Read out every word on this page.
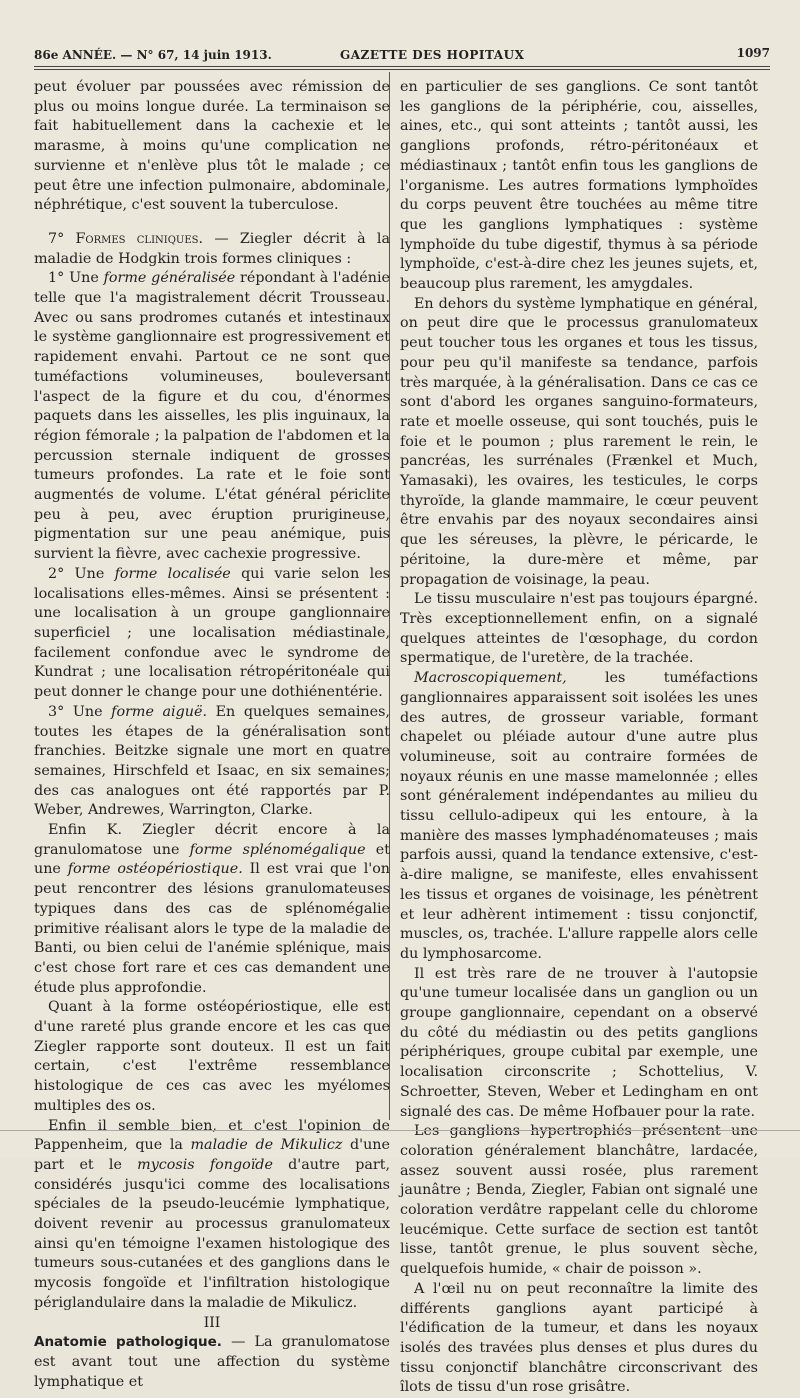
86e ANNÉE. — N° 67, 14 juin 1913.	GAZETTE DES HOPITAUX	1097

peut évoluer par poussées avec rémission de plus ou moins longue durée. La terminaison se fait habituellement dans la cachexie et le marasme, à moins qu'une complication ne survienne et n'enlève plus tôt le malade ; ce peut être une infection pulmonaire, abdominale, néphrétique, c'est souvent la tuberculose.

7° Formes cliniques. — Ziegler décrit à la maladie de Hodgkin trois formes cliniques :

1° Une forme généralisée répondant à l'adénie telle que l'a magistralement décrit Trousseau. Avec ou sans prodromes cutanés et intestinaux le système ganglionnaire est progressivement et rapidement envahi. Partout ce ne sont que tuméfactions volumineuses, bouleversant l'aspect de la figure et du cou, d'énormes paquets dans les aisselles, les plis inguinaux, la région fémorale ; la palpation de l'abdomen et la percussion sternale indiquent de grosses tumeurs profondes. La rate et le foie sont augmentés de volume. L'état général périclite peu à peu, avec éruption prurigineuse, pigmentation sur une peau anémique, puis survient la fièvre, avec cachexie progressive.

2° Une forme localisée qui varie selon les localisations elles-mêmes. Ainsi se présentent : une localisation à un groupe ganglionnaire superficiel ; une localisation médiastinale, facilement confondue avec le syndrome de Kundrat ; une localisation rétropéritonéale qui peut donner le change pour une dothiénentérie.

3° Une forme aiguë. En quelques semaines, toutes les étapes de la généralisation sont franchies. Beitzke signale une mort en quatre semaines, Hirschfeld et Isaac, en six semaines; des cas analogues ont été rapportés par P. Weber, Andrewes, Warrington, Clarke.

Enfin K. Ziegler décrit encore à la granulomatose une forme splénomégalique et une forme ostéopériostique. Il est vrai que l'on peut rencontrer des lésions granulomateuses typiques dans des cas de splénomégalie primitive réalisant alors le type de la maladie de Banti, ou bien celui de l'anémie splénique, mais c'est chose fort rare et ces cas demandent une étude plus approfondie.

Quant à la forme ostéopériostique, elle est d'une rareté plus grande encore et les cas que Ziegler rapporte sont douteux. Il est un fait certain, c'est l'extrême ressemblance histologique de ces cas avec les myélomes multiples des os.

Enfin il semble bien, et c'est l'opinion de Pappenheim, que la maladie de Mikulicz d'une part et le mycosis fongoïde d'autre part, considérés jusqu'ici comme des localisations spéciales de la pseudo-leucémie lymphatique, doivent revenir au processus granulomateux ainsi qu'en témoigne l'examen histologique des tumeurs sous-cutanées et des ganglions dans le mycosis fongoïde et l'infiltration histologique périglandulaire dans la maladie de Mikulicz.

III

Anatomie pathologique. — La granulomatose est avant tout une affection du système lymphatique et

en particulier de ses ganglions. Ce sont tantôt les ganglions de la périphérie, cou, aisselles, aines, etc., qui sont atteints ; tantôt aussi, les ganglions profonds, rétro-péritonéaux et médiastinaux ; tantôt enfin tous les ganglions de l'organisme. Les autres formations lymphoïdes du corps peuvent être touchées au même titre que les ganglions lymphatiques : système lymphoïde du tube digestif, thymus à sa période lymphoïde, c'est-à-dire chez les jeunes sujets, et, beaucoup plus rarement, les amygdales.

En dehors du système lymphatique en général, on peut dire que le processus granulomateux peut toucher tous les organes et tous les tissus, pour peu qu'il manifeste sa tendance, parfois très marquée, à la généralisation. Dans ce cas ce sont d'abord les organes sanguino-formateurs, rate et moelle osseuse, qui sont touchés, puis le foie et le poumon ; plus rarement le rein, le pancréas, les surrénales (Frænkel et Much, Yamasaki), les ovaires, les testicules, le corps thyroïde, la glande mammaire, le cœur peuvent être envahis par des noyaux secondaires ainsi que les séreuses, la plèvre, le péricarde, le péritoine, la dure-mère et même, par propagation de voisinage, la peau.

Le tissu musculaire n'est pas toujours épargné. Très exceptionnellement enfin, on a signalé quelques atteintes de l'œsophage, du cordon spermatique, de l'uretère, de la trachée.

Macroscopiquement, les tuméfactions ganglionnaires apparaissent soit isolées les unes des autres, de grosseur variable, formant chapelet ou pléiade autour d'une autre plus volumineuse, soit au contraire formées de noyaux réunis en une masse mamelonnée ; elles sont généralement indépendantes au milieu du tissu cellulo-adipeux qui les entoure, à la manière des masses lymphadénomateuses ; mais parfois aussi, quand la tendance extensive, c'est-à-dire maligne, se manifeste, elles envahissent les tissus et organes de voisinage, les pénètrent et leur adhèrent intimement : tissu conjonctif, muscles, os, trachée. L'allure rappelle alors celle du lymphosarcome.

Il est très rare de ne trouver à l'autopsie qu'une tumeur localisée dans un ganglion ou un groupe ganglionnaire, cependant on a observé du côté du médiastin ou des petits ganglions périphériques, groupe cubital par exemple, une localisation circonscrite ; Schottelius, V. Schroetter, Steven, Weber et Ledingham en ont signalé des cas. De même Hofbauer pour la rate.

Les ganglions hypertrophiés présentent une coloration généralement blanchâtre, lardacée, assez souvent aussi rosée, plus rarement jaunâtre ; Benda, Ziegler, Fabian ont signalé une coloration verdâtre rappelant celle du chlorome leucémique. Cette surface de section est tantôt lisse, tantôt grenue, le plus souvent sèche, quelquefois humide, « chair de poisson ».

A l'œil nu on peut reconnaître la limite des différents ganglions ayant participé à l'édification de la tumeur, et dans les noyaux isolés des travées plus denses et plus dures du tissu conjonctif blanchâtre circonscrivant des îlots de tissu d'un rose grisâtre.
